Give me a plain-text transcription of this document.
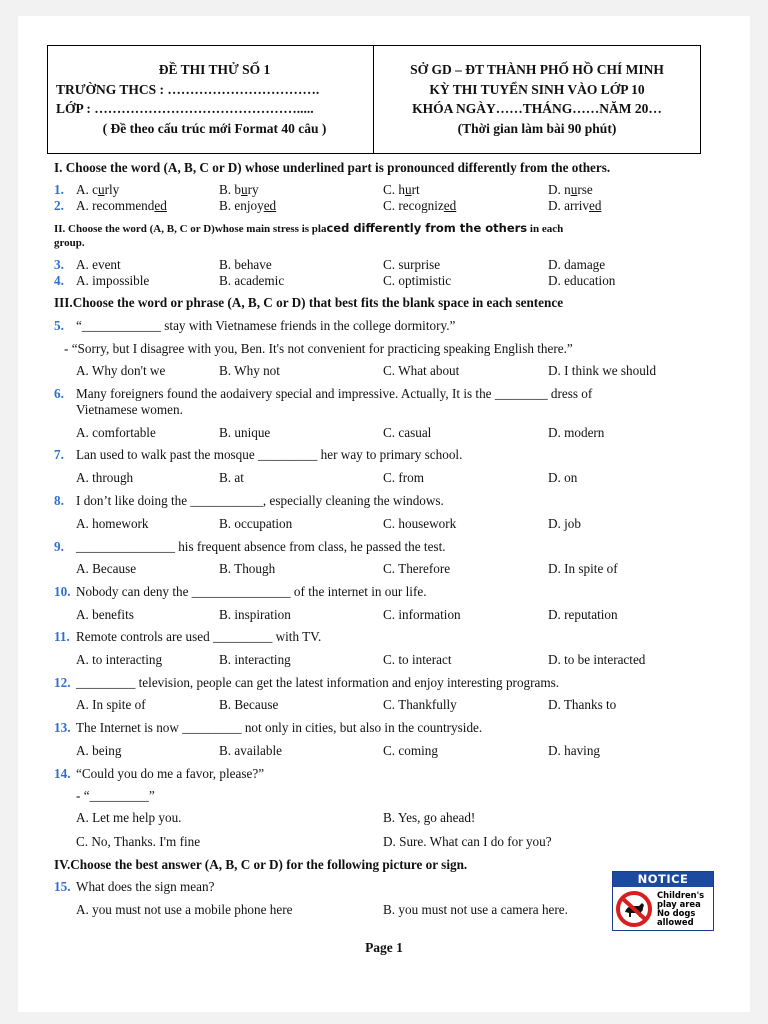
ĐỀ THI THỬ SỐ 1
TRƯỜNG THCS : …………………………….
LỚP : ……………………………………….....
( Đề theo cấu trúc mới Format 40 câu )
SỞ GD – ĐT THÀNH PHỐ HỒ CHÍ MINH
KỲ THI TUYỂN SINH VÀO LỚP 10
KHÓA NGÀY……THÁNG……NĂM 20…
(Thời gian làm bài 90 phút)
I. Choose the word (A, B, C or D) whose underlined part is pronounced differently from the others.
1. A. curly	B. bury	C. hurt	D. nurse
2. A. recommended	B. enjoyed	C. recognized	D. arrived
II. Choose the word (A, B, C or D)whose main stress is placed differently from the others in each
group.
3. A. event	B. behave	C. surprise	D. damage
4. A. impossible	B. academic	C. optimistic	D. education
III.Choose the word or phrase (A, B, C or D) that best fits the blank space in each sentence
5. “____________ stay with Vietnamese friends in the college dormitory.”
- “Sorry, but I disagree with you, Ben. It's not convenient for practicing speaking English there.”
A. Why don't we	B. Why not	C. What about	D. I think we should
6. Many foreigners found the aodaivery special and impressive. Actually, It is the ________ dress of
Vietnamese women.
A. comfortable	B. unique	C. casual	D. modern
7. Lan used to walk past the mosque _________ her way to primary school.
A. through	B. at	C. from	D. on
8. I don’t like doing the ___________, especially cleaning the windows.
A. homework	B. occupation	C. housework	D. job
9. _______________ his frequent absence from class, he passed the test.
A. Because	B. Though	C. Therefore	D. In spite of
10. Nobody can deny the _______________ of the internet in our life.
A. benefits	B. inspiration	C. information	D. reputation
11. Remote controls are used _________ with TV.
A. to interacting	B. interacting	C. to interact	D. to be interacted
12. _________ television, people can get the latest information and enjoy interesting programs.
A. In spite of	B. Because	C. Thankfully	D. Thanks to
13. The Internet is now _________ not only in cities, but also in the countryside.
A. being	B. available	C. coming	D. having
14. “Could you do me a favor, please?”
- “_________”
A. Let me help you.	B. Yes, go ahead!
C. No, Thanks. I'm fine	D. Sure. What can I do for you?
IV.Choose the best answer (A, B, C or D) for the following picture or sign.
15. What does the sign mean?
A. you must not use a mobile phone here	B. you must not use a camera here.
NOTICE
Children's
play area
No dogs
allowed
Page 1
